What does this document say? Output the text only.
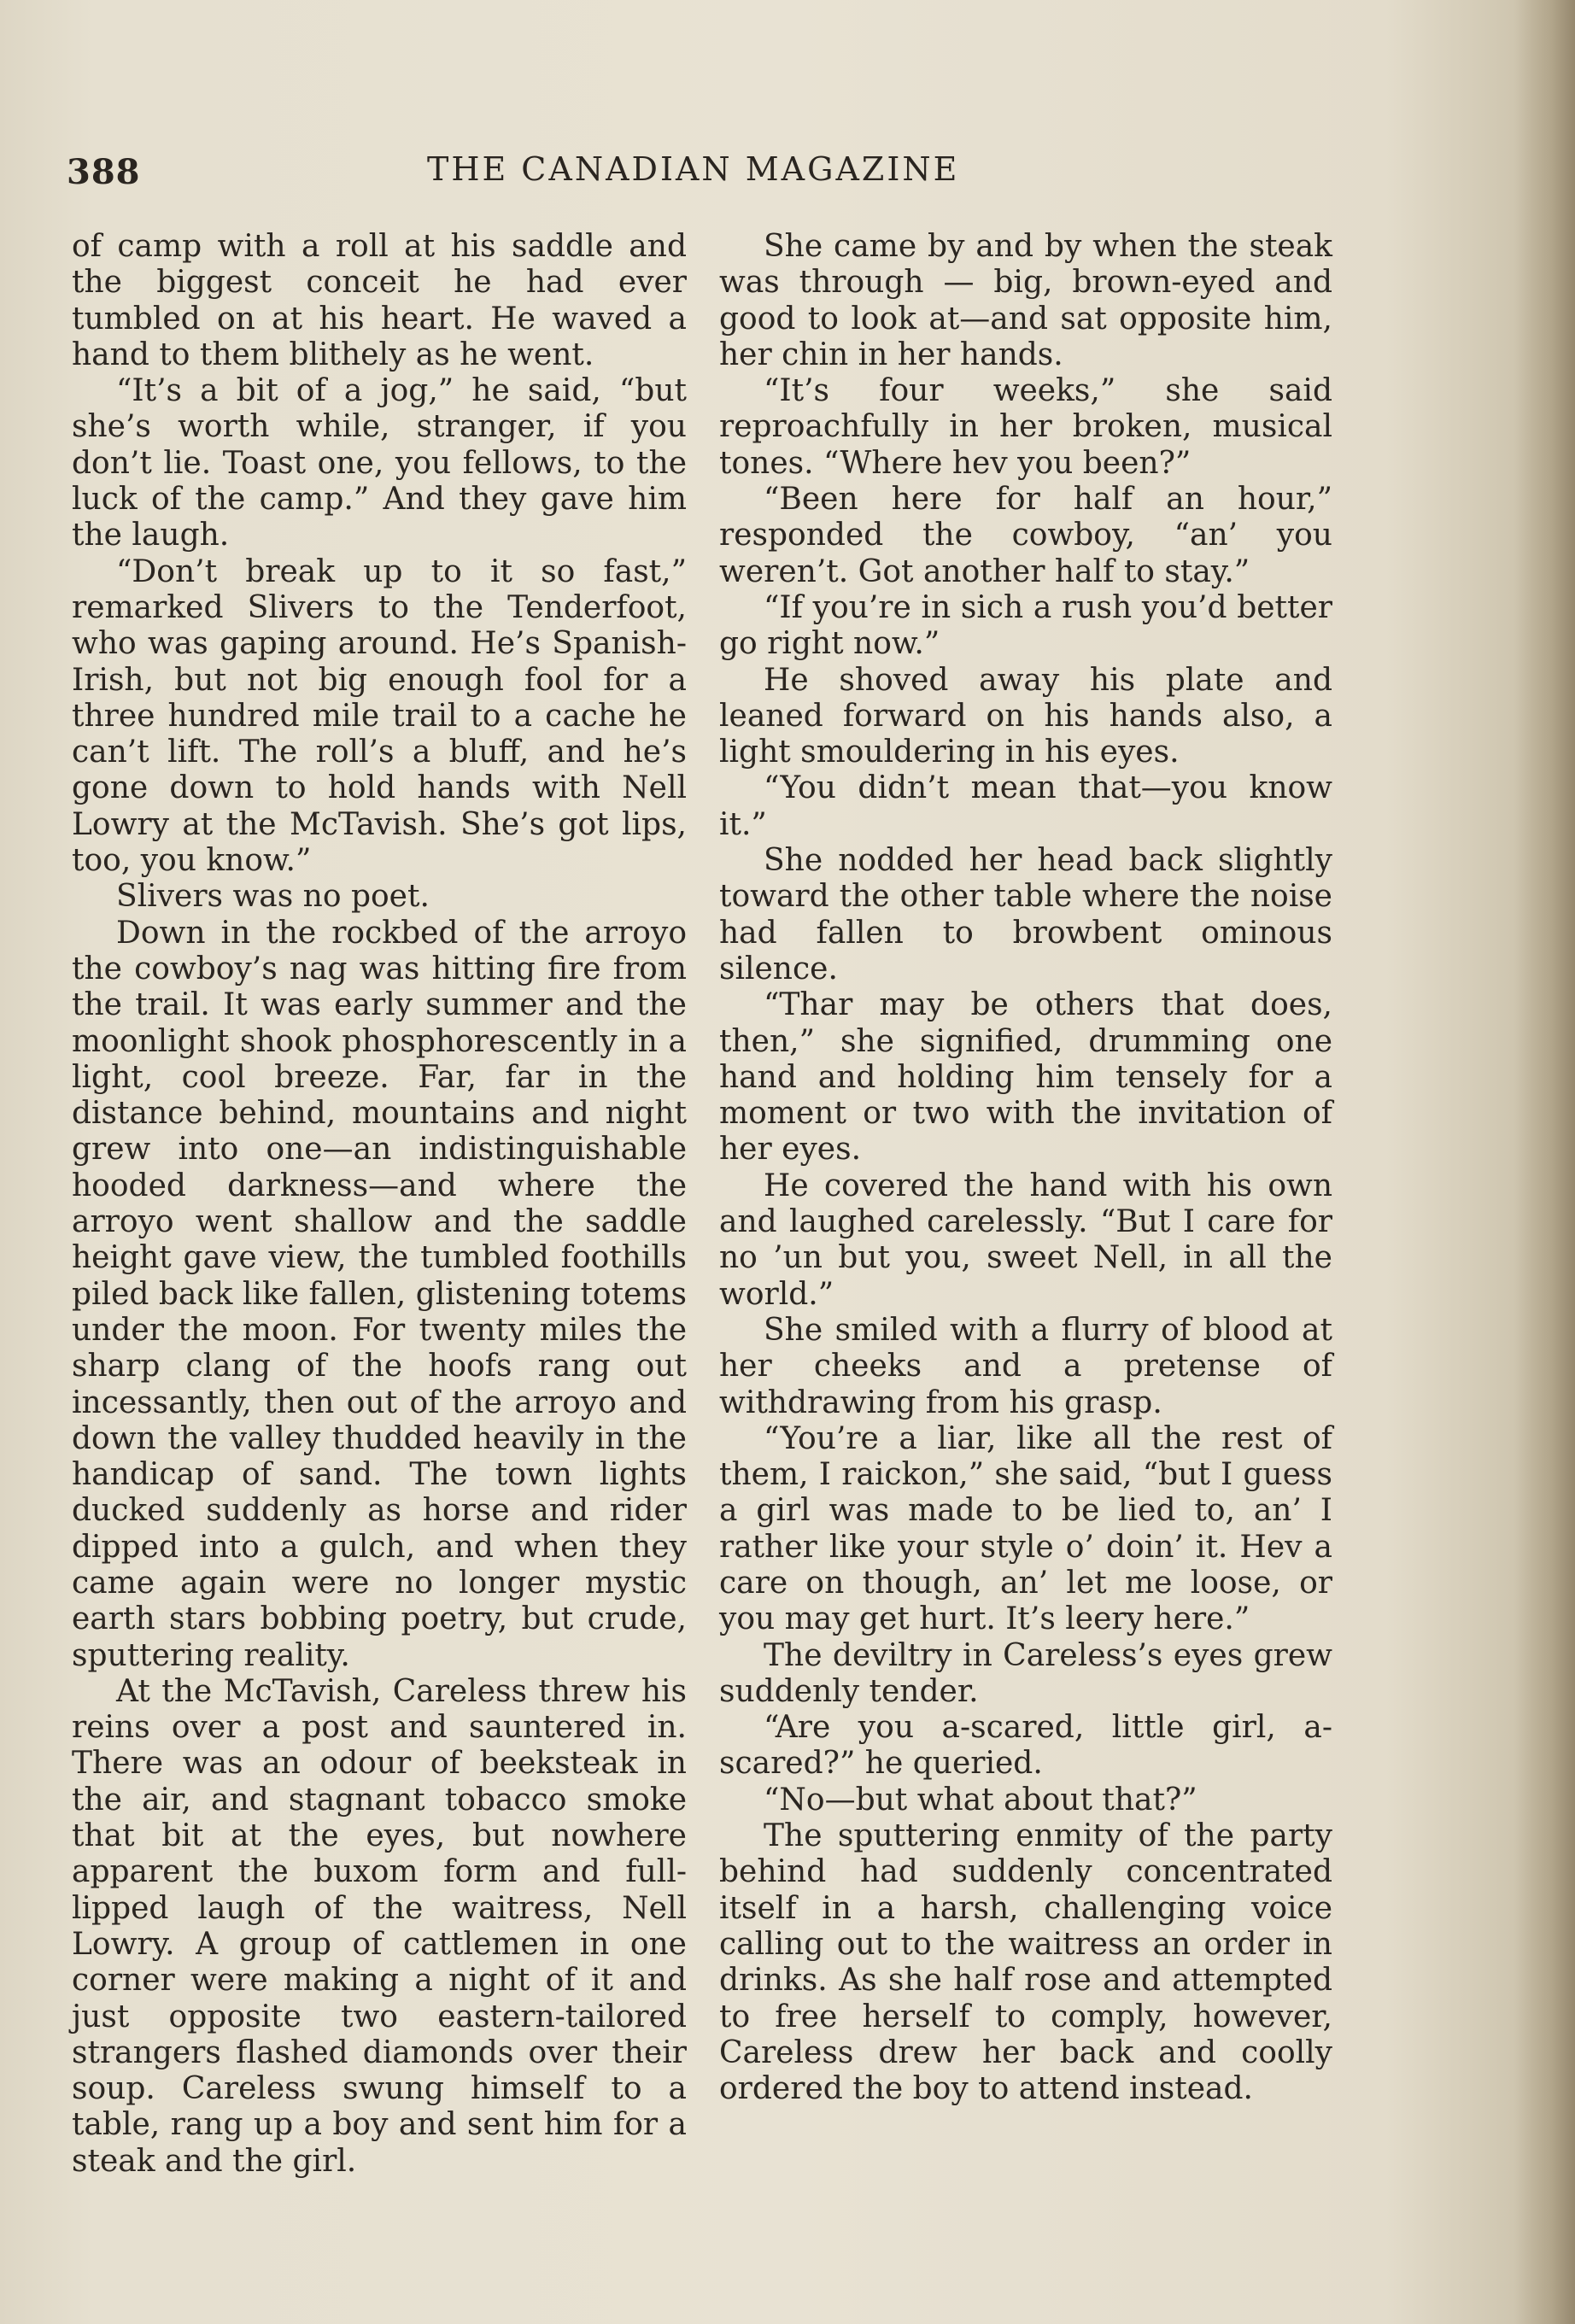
388	THE CANADIAN MAGAZINE

of camp with a roll at his saddle and the biggest conceit he had ever tumbled on at his heart. He waved a hand to them blithely as he went.

“It’s a bit of a jog,” he said, “but she’s worth while, stranger, if you don’t lie. Toast one, you fellows, to the luck of the camp.” And they gave him the laugh.

“Don’t break up to it so fast,” remarked Slivers to the Tenderfoot, who was gaping around. He’s Spanish-Irish, but not big enough fool for a three hundred mile trail to a cache he can’t lift. The roll’s a bluff, and he’s gone down to hold hands with Nell Lowry at the McTavish. She’s got lips, too, you know.”

Slivers was no poet.

Down in the rockbed of the arroyo the cowboy’s nag was hitting fire from the trail. It was early summer and the moonlight shook phosphorescently in a light, cool breeze. Far, far in the distance behind, mountains and night grew into one—an indistinguishable hooded darkness—and where the arroyo went shallow and the saddle height gave view, the tumbled foothills piled back like fallen, glistening totems under the moon. For twenty miles the sharp clang of the hoofs rang out incessantly, then out of the arroyo and down the valley thudded heavily in the handicap of sand. The town lights ducked suddenly as horse and rider dipped into a gulch, and when they came again were no longer mystic earth stars bobbing poetry, but crude, sputtering reality.

At the McTavish, Careless threw his reins over a post and sauntered in. There was an odour of beeksteak in the air, and stagnant tobacco smoke that bit at the eyes, but nowhere apparent the buxom form and full-lipped laugh of the waitress, Nell Lowry. A group of cattlemen in one corner were making a night of it and just opposite two eastern-tailored strangers flashed diamonds over their soup. Careless swung himself to a table, rang up a boy and sent him for a steak and the girl.

She came by and by when the steak was through — big, brown-eyed and good to look at—and sat opposite him, her chin in her hands.

“It’s four weeks,” she said reproachfully in her broken, musical tones. “Where hev you been?”

“Been here for half an hour,” responded the cowboy, “an’ you weren’t. Got another half to stay.”

“If you’re in sich a rush you’d better go right now.”

He shoved away his plate and leaned forward on his hands also, a light smouldering in his eyes.

“You didn’t mean that—you know it.”

She nodded her head back slightly toward the other table where the noise had fallen to browbent ominous silence.

“Thar may be others that does, then,” she signified, drumming one hand and holding him tensely for a moment or two with the invitation of her eyes.

He covered the hand with his own and laughed carelessly. “But I care for no ’un but you, sweet Nell, in all the world.”

She smiled with a flurry of blood at her cheeks and a pretense of withdrawing from his grasp.

“You’re a liar, like all the rest of them, I raickon,” she said, “but I guess a girl was made to be lied to, an’ I rather like your style o’ doin’ it. Hev a care on though, an’ let me loose, or you may get hurt. It’s leery here.”

The deviltry in Careless’s eyes grew suddenly tender.

“Are you a-scared, little girl, a-scared?” he queried.

“No—but what about that?”

The sputtering enmity of the party behind had suddenly concentrated itself in a harsh, challenging voice calling out to the waitress an order in drinks. As she half rose and attempted to free herself to comply, however, Careless drew her back and coolly ordered the boy to attend instead.
